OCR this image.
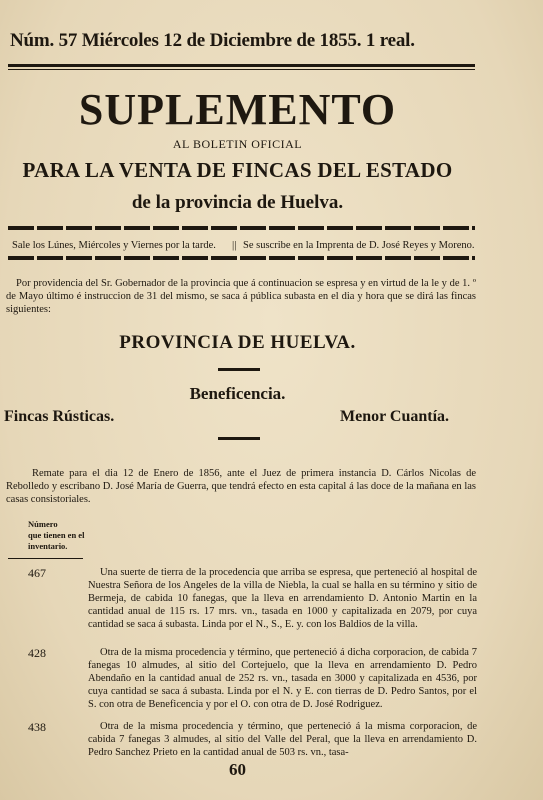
Núm. 57 Miércoles 12 de Diciembre de 1855. 1 real.
SUPLEMENTO
AL BOLETIN OFICIAL
PARA LA VENTA DE FINCAS DEL ESTADO
de la provincia de Huelva.
Sale los Lúnes, Miércoles y Viernes por la tarde. || Se suscribe en la Imprenta de D. José Reyes y Moreno.
Por providencia del Sr. Gobernador de la provincia que á continuacion se espresa y en virtud de la le y de 1. º de Mayo último é instruccion de 31 del mismo, se saca á pública subasta en el dia y hora que se dirá las fincas siguientes:
PROVINCIA DE HUELVA.
Beneficencia.
Fincas Rústicas.	Menor Cuantía.
Remate para el dia 12 de Enero de 1856, ante el Juez de primera instancia D. Cárlos Nicolas de Rebolledo y escribano D. José María de Guerra, que tendrá efecto en esta capital á las doce de la mañana en las casas consistoriales.
Número
que tienen en el
inventario.
467	Una suerte de tierra de la procedencia que arriba se espresa, que perteneció al hospital de Nuestra Señora de los Angeles de la villa de Niebla, la cual se halla en su término y sitio de Bermeja, de cabida 10 fanegas, que la lleva en arrendamiento D. Antonio Martin en la cantidad anual de 115 rs. 17 mrs. vn., tasada en 1000 y capitalizada en 2079, por cuya cantidad se saca á subasta. Linda por el N., S., E. y. con los Baldios de la villa.

428	Otra de la misma procedencia y término, que perteneció á dicha corporacion, de cabida 7 fanegas 10 almudes, al sitio del Cortejuelo, que la lleva en arrendamiento D. Pedro Abendaño en la cantidad anual de 252 rs. vn., tasada en 3000 y capitalizada en 4536, por cuya cantidad se saca á subasta. Linda por el N. y E. con tierras de D. Pedro Santos, por el S. con otra de Beneficencia y por el O. con otra de D. José Rodriguez.

438	Otra de la misma procedencia y término, que perteneció á la misma corporacion, de cabida 7 fanegas 3 almudes, al sitio del Valle del Peral, que la lleva en arrendamiento D. Pedro Sanchez Prieto en la cantidad anual de 503 rs. vn., tasa-

60
